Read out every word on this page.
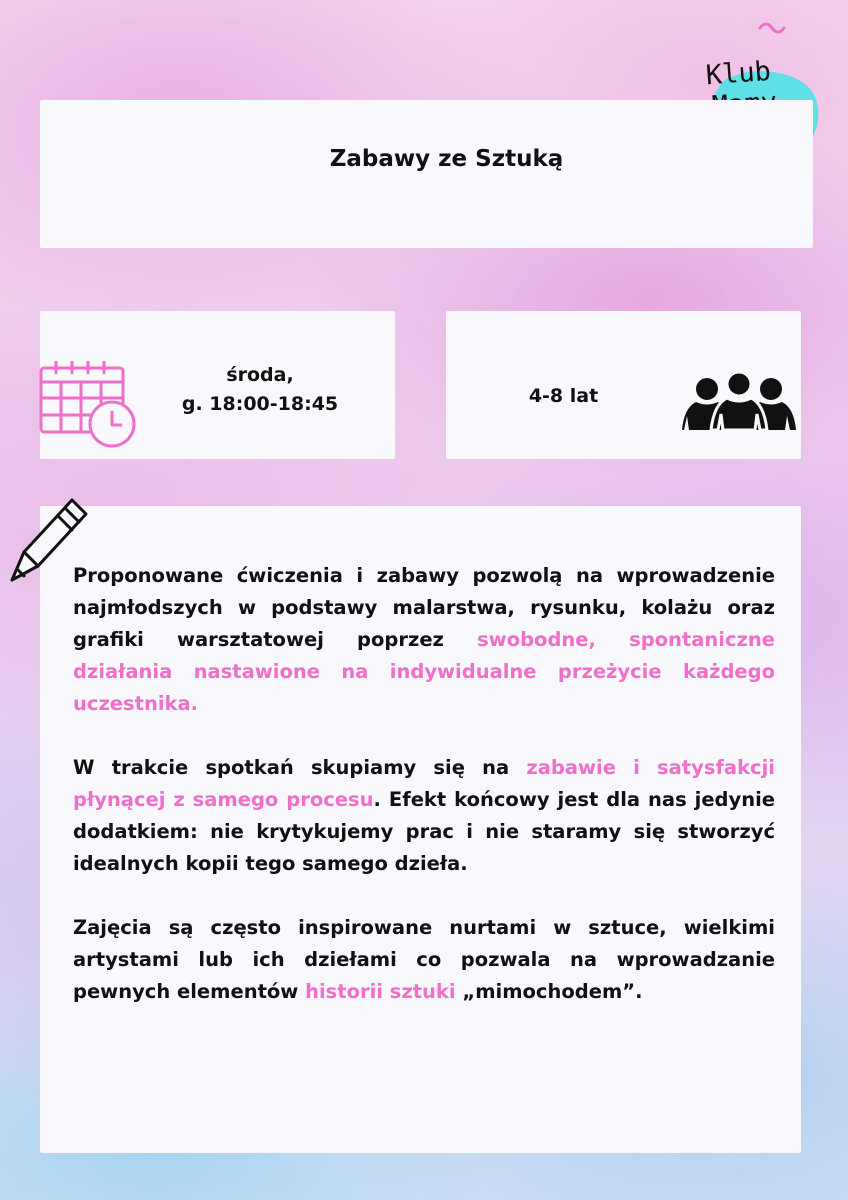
Klub
Zabawy ze Sztuką
środa,
g. 18:00-18:45	4-8 lat

Proponowane ćwiczenia i zabawy pozwolą na wprowadzenie najmłodszych w podstawy malarstwa, rysunku, kolażu oraz grafiki warsztatowej poprzez swobodne, spontaniczne działania nastawione na indywidualne przeżycie każdego uczestnika.

W trakcie spotkań skupiamy się na zabawie i satysfakcji płynącej z samego procesu. Efekt końcowy jest dla nas jedynie dodatkiem: nie krytykujemy prac i nie staramy się stworzyć idealnych kopii tego samego dzieła.

Zajęcia są często inspirowane nurtami w sztuce, wielkimi artystami lub ich dziełami co pozwala na wprowadzanie pewnych elementów historii sztuki „mimochodem”.
